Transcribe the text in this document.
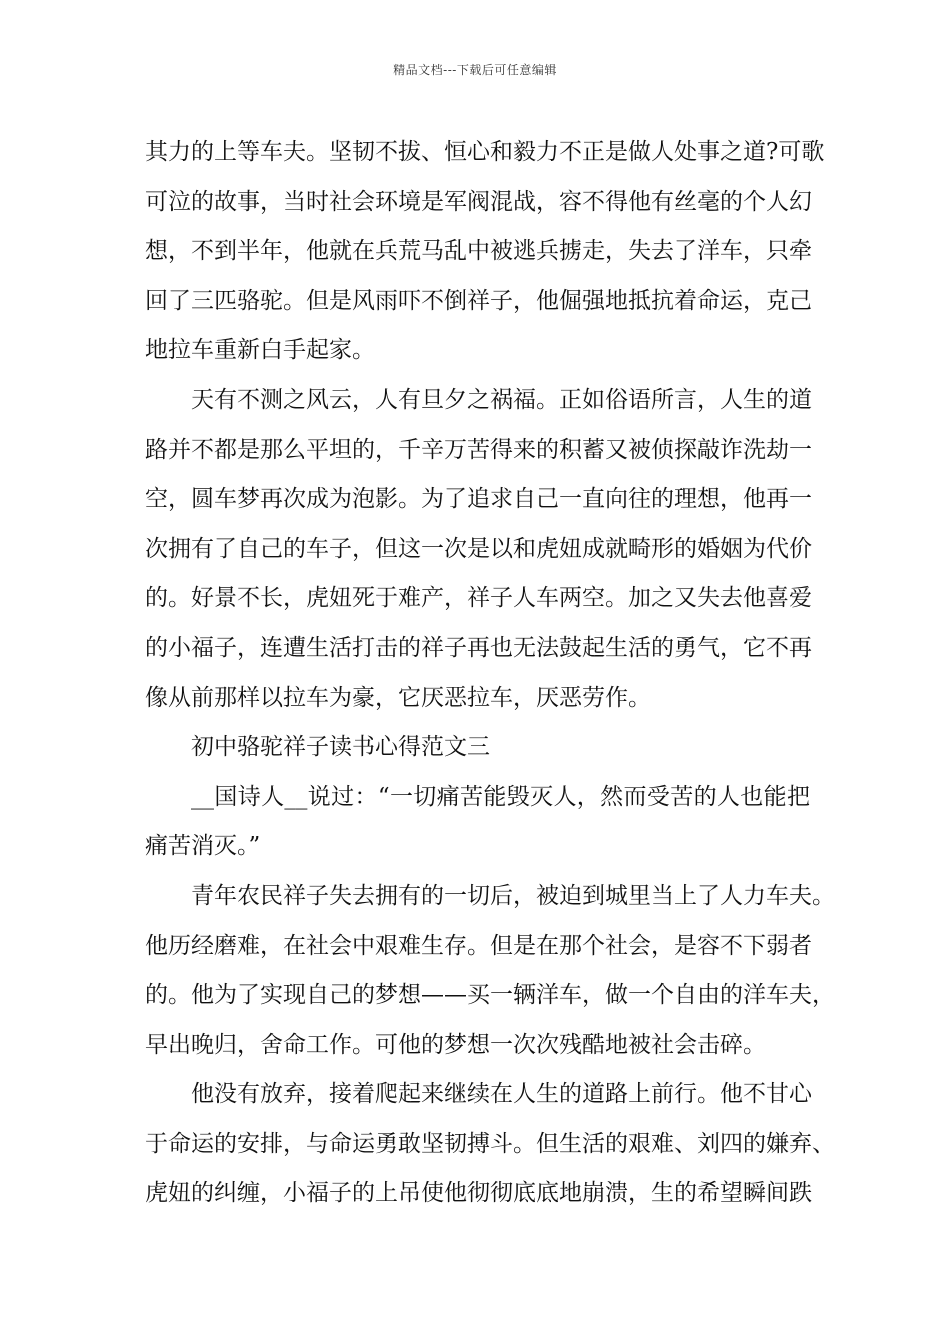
精品文档---下载后可任意编辑
其力的上等车夫。坚韧不拔、恒心和毅力不正是做人处事之道?可歌
可泣的故事，当时社会环境是军阀混战，容不得他有丝毫的个人幻
想，不到半年，他就在兵荒马乱中被逃兵掳走，失去了洋车，只牵
回了三匹骆驼。但是风雨吓不倒祥子，他倔强地抵抗着命运，克己
地拉车重新白手起家。
天有不测之风云，人有旦夕之祸福。正如俗语所言，人生的道
路并不都是那么平坦的，千辛万苦得来的积蓄又被侦探敲诈洗劫一
空，圆车梦再次成为泡影。为了追求自己一直向往的理想，他再一
次拥有了自己的车子，但这一次是以和虎妞成就畸形的婚姻为代价
的。好景不长，虎妞死于难产，祥子人车两空。加之又失去他喜爱
的小福子，连遭生活打击的祥子再也无法鼓起生活的勇气，它不再
像从前那样以拉车为豪，它厌恶拉车，厌恶劳作。
初中骆驼祥子读书心得范文三
__国诗人__说过：“一切痛苦能毁灭人，然而受苦的人也能把
痛苦消灭。”
青年农民祥子失去拥有的一切后，被迫到城里当上了人力车夫。
他历经磨难，在社会中艰难生存。但是在那个社会，是容不下弱者
的。他为了实现自己的梦想——买一辆洋车，做一个自由的洋车夫，
早出晚归，舍命工作。可他的梦想一次次残酷地被社会击碎。
他没有放弃，接着爬起来继续在人生的道路上前行。他不甘心
于命运的安排，与命运勇敢坚韧搏斗。但生活的艰难、刘四的嫌弃、
虎妞的纠缠，小福子的上吊使他彻彻底底地崩溃，生的希望瞬间跌
